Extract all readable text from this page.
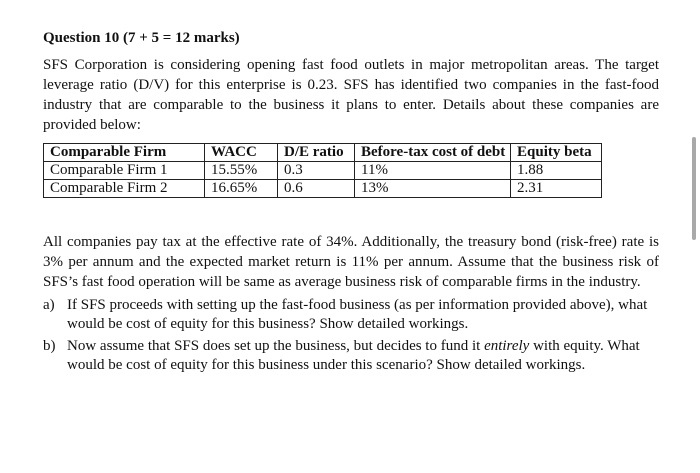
Question 10 (7 + 5 = 12 marks)
SFS Corporation is considering opening fast food outlets in major metropolitan areas. The target leverage ratio (D/V) for this enterprise is 0.23. SFS has identified two companies in the fast-food industry that are comparable to the business it plans to enter. Details about these companies are provided below:
Comparable Firm	WACC	D/E ratio	Before-tax cost of debt	Equity beta
Comparable Firm 1	15.55%	0.3	11%	1.88
Comparable Firm 2	16.65%	0.6	13%	2.31
All companies pay tax at the effective rate of 34%. Additionally, the treasury bond (risk-free) rate is 3% per annum and the expected market return is 11% per annum. Assume that the business risk of SFS’s fast food operation will be same as average business risk of comparable firms in the industry.
a) If SFS proceeds with setting up the fast-food business (as per information provided above), what would be cost of equity for this business? Show detailed workings.
b) Now assume that SFS does set up the business, but decides to fund it entirely with equity. What would be cost of equity for this business under this scenario? Show detailed workings.
